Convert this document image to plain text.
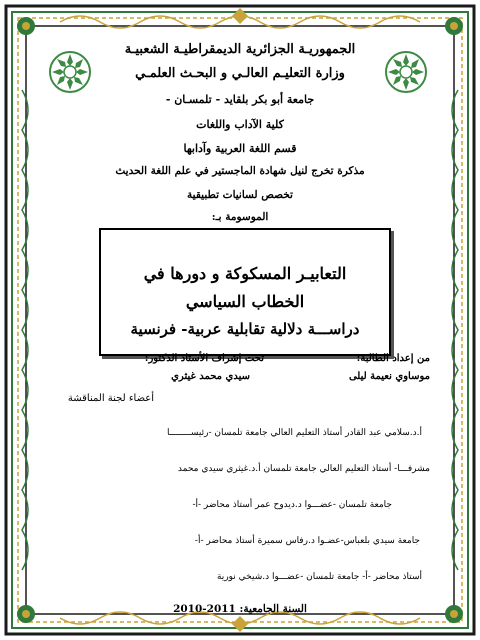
الجمهوريـة الجزائرية الديمقراطيـة الشعبيـة
وزارة التعليـم العالـي و البحـث العلمـي
جامعة أبو بكر بلقايد - تلمسـان -
كلية الآداب واللغات
قسم اللغة العربية وآدابها
مذكرة تخرج لنيل شهادة الماجستير في علم اللغة الحديث
تخصص لسانيات تطبيقية
الموسومة بـ:
التعابيـر المسكوكة و دورها في
الخطاب السياسي
دراســـة دلالية تقابلية عربية- فرنسية
من إعداد الطالبة:
موساوي نعيمة ليلى
تحت إشراف الأستاذ الدكتور:
سيدي محمد غيثري
أعضاء لجنة المناقشة
أ.د.سلامي عبد القادر أستاذ التعليم العالي جامعة تلمسان -رئيســــــــا
مشرفـــا- أستاذ التعليم العالي جامعة تلمسان أ.د.غيثري سيدي محمد
جامعة تلمسان -عضـــوا د.ديدوح عمر أستاذ محاضر -أ-
جامعة سيدي بلعباس-عضـوا د.رفاس سميرة أستاذ محاضر -أ-
أستاذ محاضر -أ- جامعة تلمسان -عضـــوا د.شيخي نورية
السنة الجامعية: 2010-2011
